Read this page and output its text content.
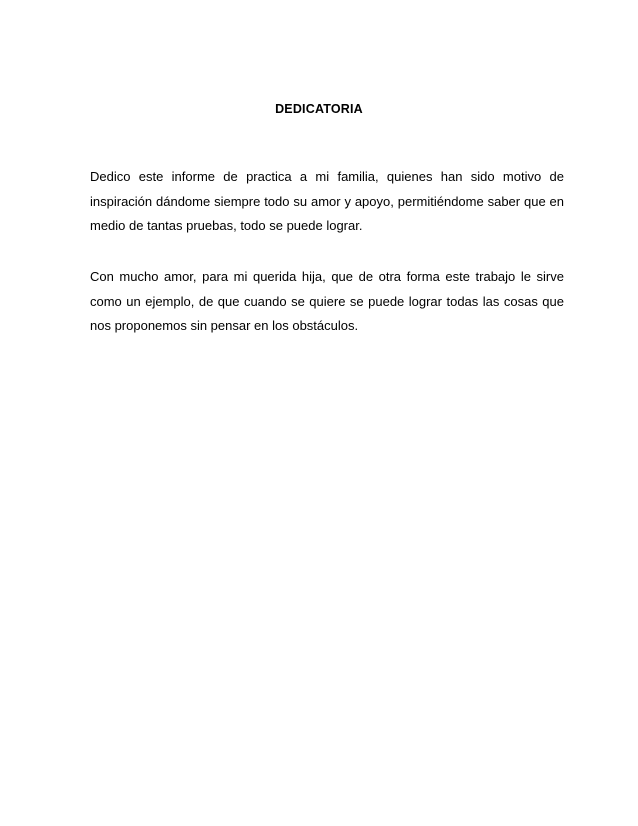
DEDICATORIA

Dedico este informe de practica a mi familia, quienes han sido motivo de inspiración dándome siempre todo su amor y apoyo, permitiéndome saber que en medio de tantas pruebas, todo se puede lograr.

Con mucho amor, para mi querida hija, que de otra forma este trabajo le sirve como un ejemplo, de que cuando se quiere se puede lograr todas las cosas que nos proponemos sin pensar en los obstáculos.
